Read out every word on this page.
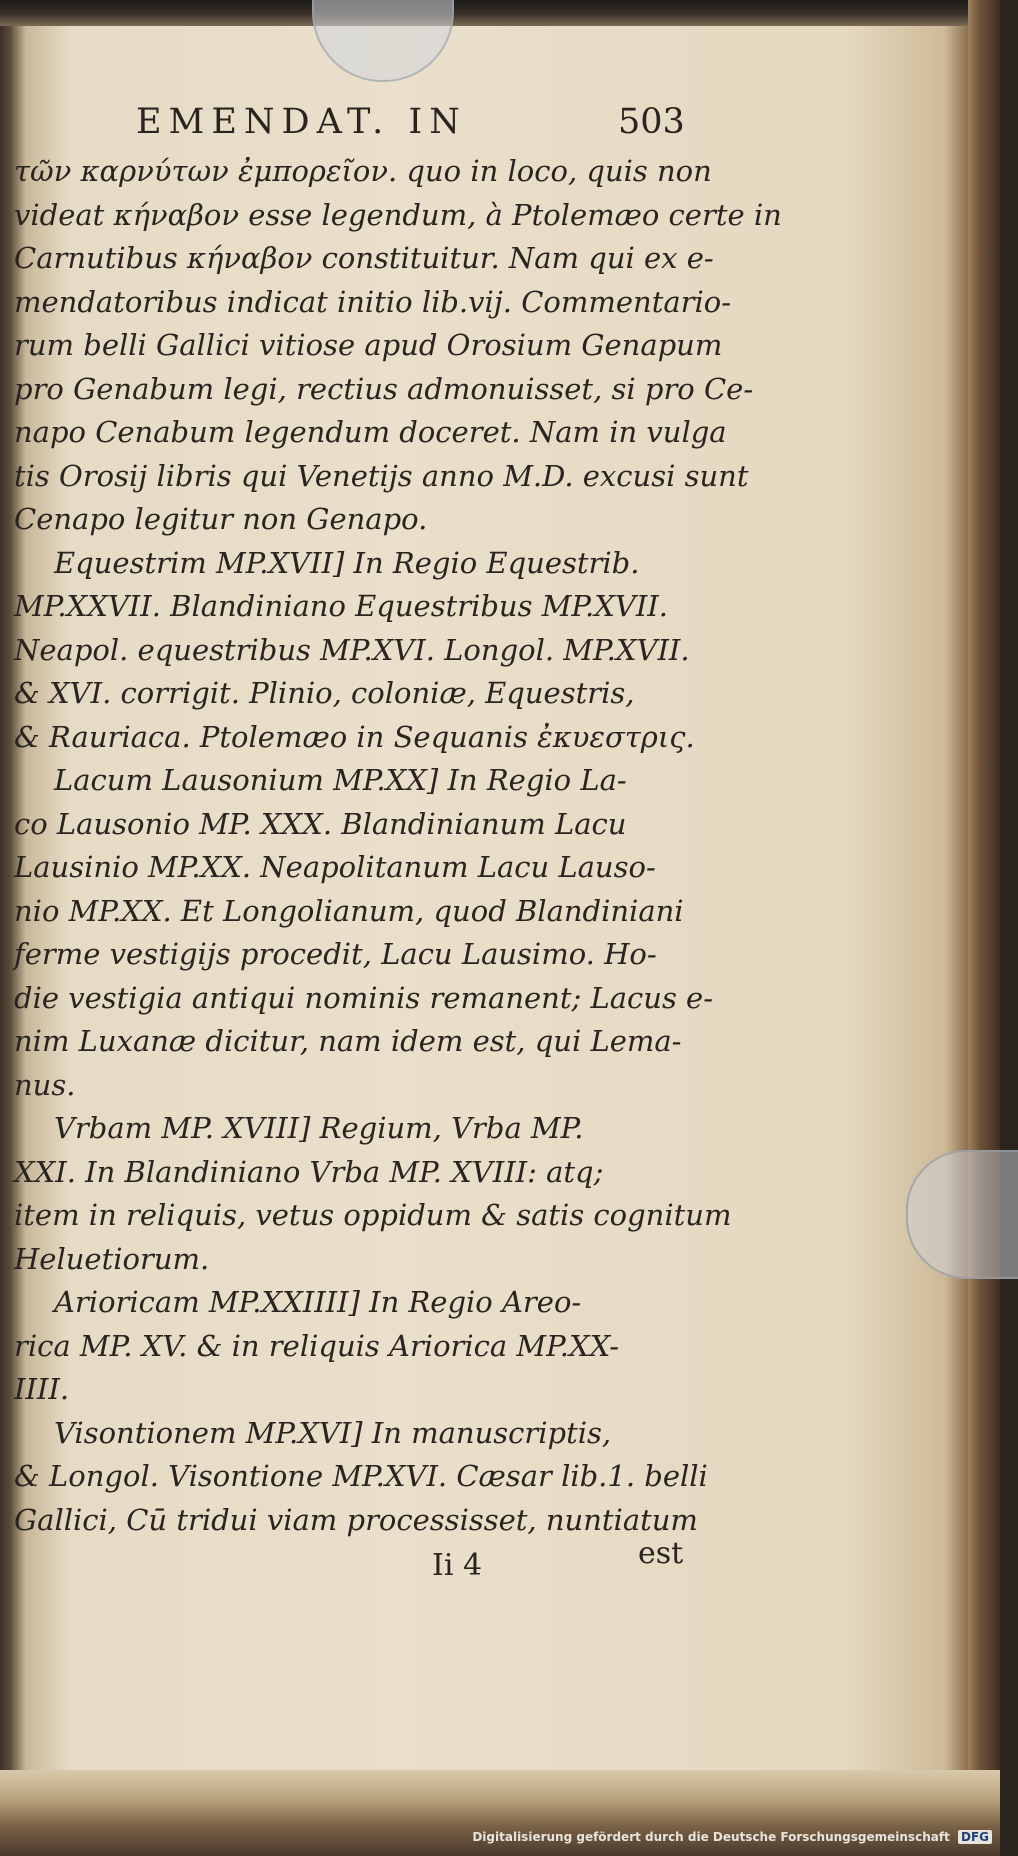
EMENDAT. IN	503
τῶν καρνύτων ἐμπορεῖον. quo in loco, quis non
videat κήναβον esse legendum, à Ptolemæo certe in
Carnutibus κήναβον constituitur. Nam qui ex e-
mendatoribus indicat initio lib.vij. Commentario-
rum belli Gallici vitiose apud Orosium Genapum
pro Genabum legi, rectius admonuisset, si pro Ce-
napo Cenabum legendum doceret. Nam in vulga
tis Orosij libris qui Venetijs anno M.D. excusi sunt
Cenapo legitur non Genapo.
Equestrim MP.XVII] In Regio Equestrib.
MP.XXVII. Blandiniano Equestribus MP.XVII.
Neapol. equestribus MP.XVI. Longol. MP.XVII.
& XVI. corrigit. Plinio, coloniæ, Equestris,
& Rauriaca. Ptolemæo in Sequanis ἐκυεστρις.
Lacum Lausonium MP.XX] In Regio La-
co Lausonio MP. XXX. Blandinianum Lacu
Lausinio MP.XX. Neapolitanum Lacu Lauso-
nio MP.XX. Et Longolianum, quod Blandiniani
ferme vestigijs procedit, Lacu Lausimo. Ho-
die vestigia antiqui nominis remanent; Lacus e-
nim Luxanæ dicitur, nam idem est, qui Lema-
nus.
Vrbam MP. XVIII] Regium, Vrba MP.
XXI. In Blandiniano Vrba MP. XVIII: atq;
item in reliquis, vetus oppidum & satis cognitum
Heluetiorum.
Arioricam MP.XXIIII] In Regio Areo-
rica MP. XV. & in reliquis Ariorica MP.XX-
IIII.
Visontionem MP.XVI] In manuscriptis,
& Longol. Visontione MP.XVI. Cæsar lib.1. belli
Gallici, Cū tridui viam processisset, nuntiatum
Ii 4	est
Digitalisierung gefördert durch die Deutsche Forschungsgemeinschaft DFG
